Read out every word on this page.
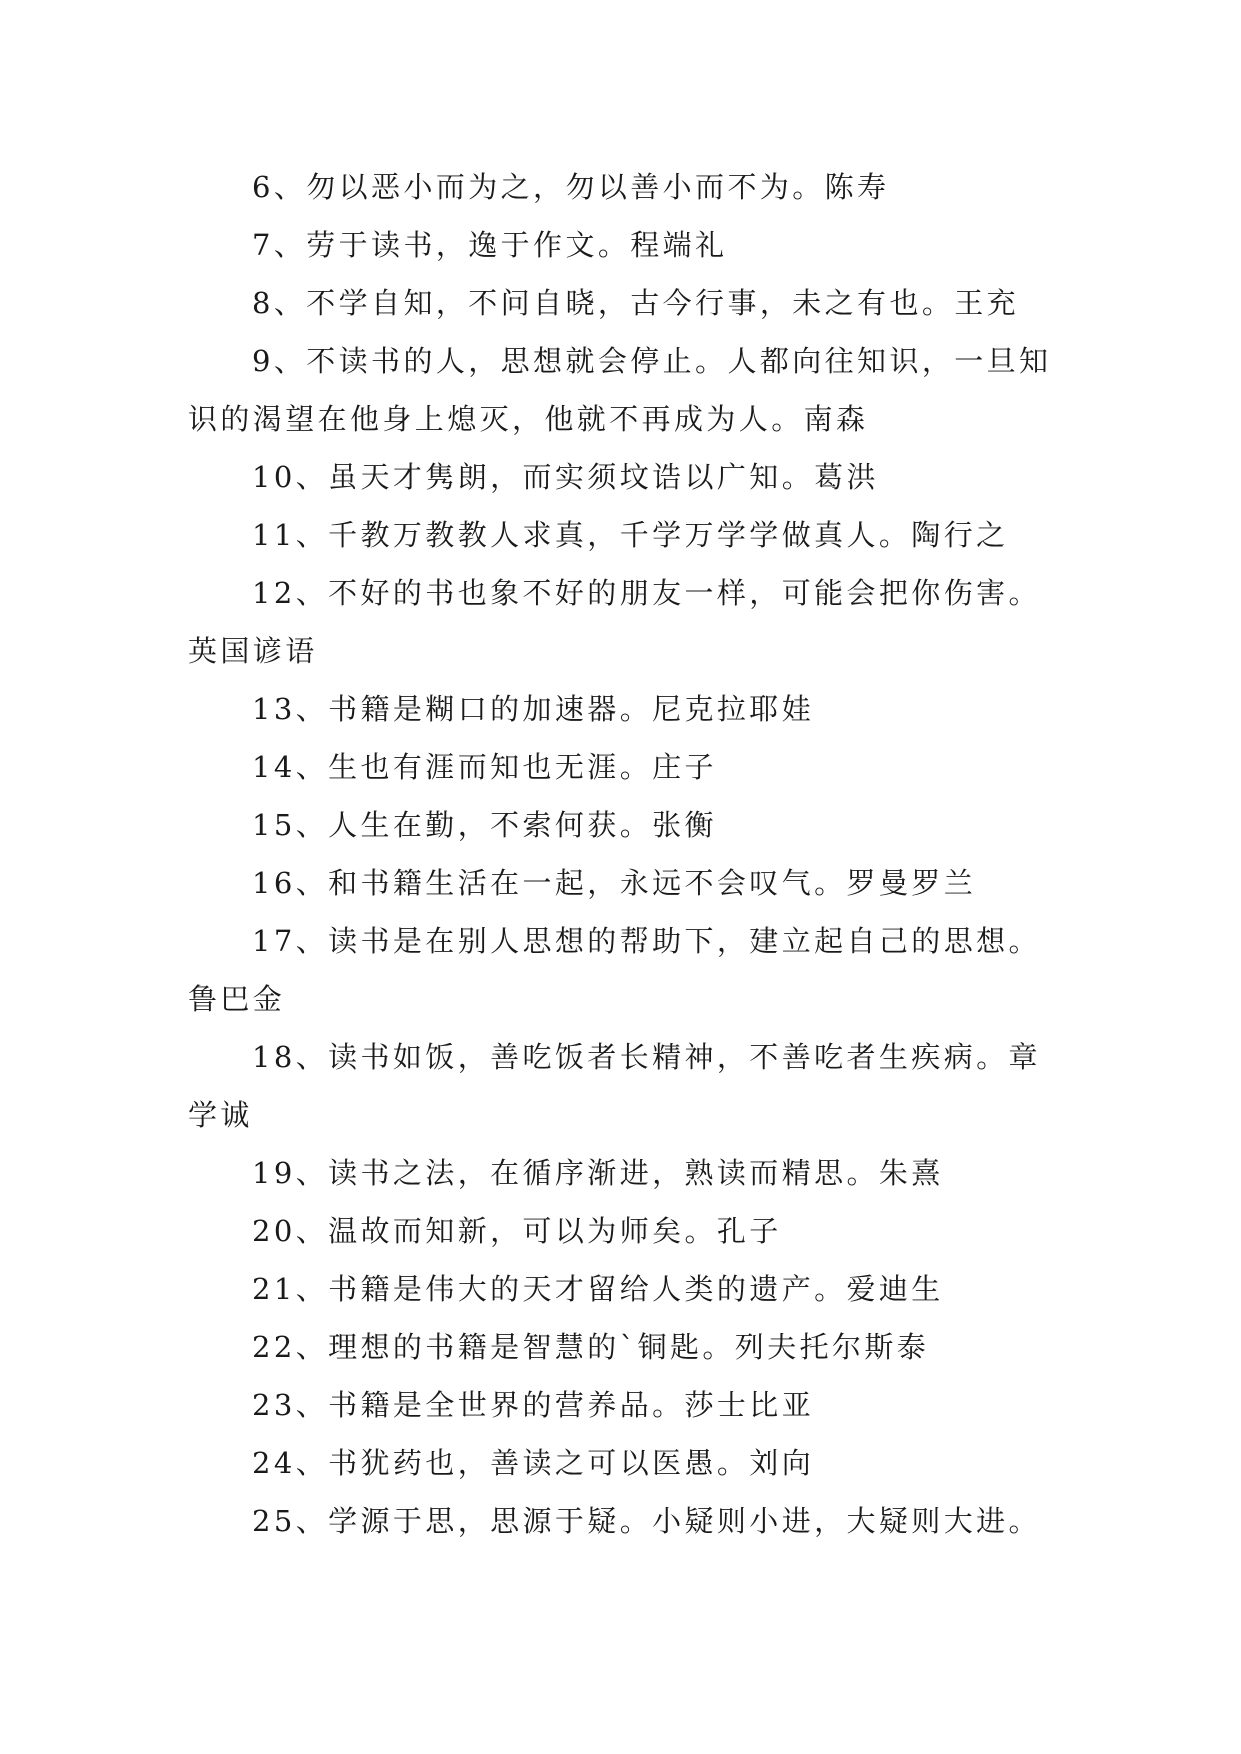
6、勿以恶小而为之，勿以善小而不为。陈寿

7、劳于读书，逸于作文。程端礼

8、不学自知，不问自晓，古今行事，未之有也。王充

9、不读书的人，思想就会停止。人都向往知识，一旦知识的渴望在他身上熄灭，他就不再成为人。南森

10、虽天才隽朗，而实须坟诰以广知。葛洪

11、千教万教教人求真，千学万学学做真人。陶行之

12、不好的书也象不好的朋友一样，可能会把你伤害。英国谚语

13、书籍是糊口的加速器。尼克拉耶娃

14、生也有涯而知也无涯。庄子

15、人生在勤，不索何获。张衡

16、和书籍生活在一起，永远不会叹气。罗曼罗兰

17、读书是在别人思想的帮助下，建立起自己的思想。鲁巴金

18、读书如饭，善吃饭者长精神，不善吃者生疾病。章学诚

19、读书之法，在循序渐进，熟读而精思。朱熹

20、温故而知新，可以为师矣。孔子

21、书籍是伟大的天才留给人类的遗产。爱迪生

22、理想的书籍是智慧的`铜匙。列夫托尔斯泰

23、书籍是全世界的营养品。莎士比亚

24、书犹药也，善读之可以医愚。刘向

25、学源于思，思源于疑。小疑则小进，大疑则大进。
